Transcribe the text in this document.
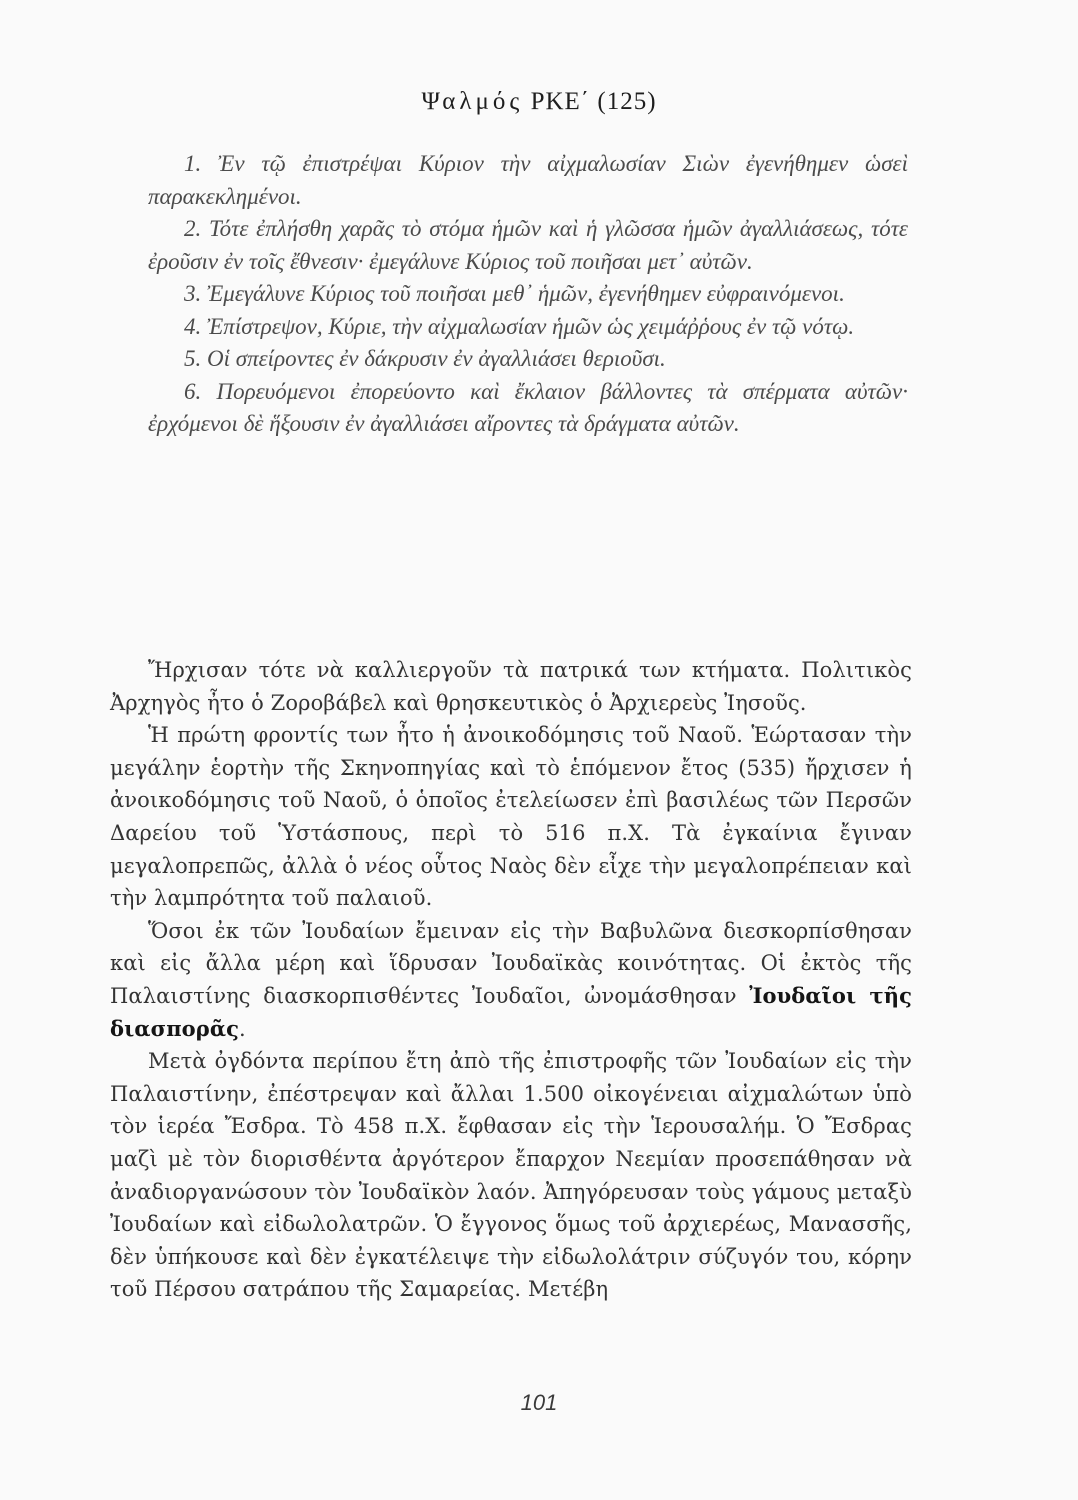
Ψαλμός ΡΚΕ΄ (125)

1. Ἐν τῷ ἐπιστρέψαι Κύριον τὴν αἰχμαλωσίαν Σιὼν ἐγενήθημεν ὡσεὶ παρακεκλημένοι.

2. Τότε ἐπλήσθη χαρᾶς τὸ στόμα ἡμῶν καὶ ἡ γλῶσσα ἡμῶν ἀγαλλιάσεως, τότε ἐροῦσιν ἐν τοῖς ἔθνεσιν· ἐμεγάλυνε Κύριος τοῦ ποιῆσαι μετ᾽ αὐτῶν.

3. Ἐμεγάλυνε Κύριος τοῦ ποιῆσαι μεθ᾽ ἡμῶν, ἐγενήθημεν εὐφραινόμενοι.

4. Ἐπίστρεψον, Κύριε, τὴν αἰχμαλωσίαν ἡμῶν ὡς χειμάῤῥους ἐν τῷ νότῳ.

5. Οἱ σπείροντες ἐν δάκρυσιν ἐν ἀγαλλιάσει θεριοῦσι.

6. Πορευόμενοι ἐπορεύοντο καὶ ἔκλαιον βάλλοντες τὰ σπέρματα αὐτῶν· ἐρχόμενοι δὲ ἥξουσιν ἐν ἀγαλλιάσει αἴροντες τὰ δράγματα αὐτῶν.

Ἤρχισαν τότε νὰ καλλιεργοῦν τὰ πατρικά των κτήματα. Πολιτικὸς Ἀρχηγὸς ἦτο ὁ Ζοροβάβελ καὶ θρησκευτικὸς ὁ Ἀρχιερεὺς Ἰησοῦς.

Ἡ πρώτη φροντίς των ἦτο ἡ ἀνοικοδόμησις τοῦ Ναοῦ. Ἑώρτασαν τὴν μεγάλην ἑορτὴν τῆς Σκηνοπηγίας καὶ τὸ ἑπόμενον ἔτος (535) ἤρχισεν ἡ ἀνοικοδόμησις τοῦ Ναοῦ, ὁ ὁποῖος ἐτελείωσεν ἐπὶ βασιλέως τῶν Περσῶν Δαρείου τοῦ Ὑστάσπους, περὶ τὸ 516 π.Χ. Τὰ ἐγκαίνια ἔγιναν μεγαλοπρεπῶς, ἀλλὰ ὁ νέος οὗτος Ναὸς δὲν εἶχε τὴν μεγαλοπρέπειαν καὶ τὴν λαμπρότητα τοῦ παλαιοῦ.

Ὅσοι ἐκ τῶν Ἰουδαίων ἔμειναν εἰς τὴν Βαβυλῶνα διεσκορπίσθησαν καὶ εἰς ἄλλα μέρη καὶ ἵδρυσαν Ἰουδαϊκὰς κοινότητας. Οἱ ἐκτὸς τῆς Παλαιστίνης διασκορπισθέντες Ἰουδαῖοι, ὠνομάσθησαν Ἰουδαῖοι τῆς διασπορᾶς.

Μετὰ ὀγδόντα περίπου ἔτη ἀπὸ τῆς ἐπιστροφῆς τῶν Ἰουδαίων εἰς τὴν Παλαιστίνην, ἐπέστρεψαν καὶ ἄλλαι 1.500 οἰκογένειαι αἰχμαλώτων ὑπὸ τὸν ἱερέα Ἔσδρα. Τὸ 458 π.Χ. ἔφθασαν εἰς τὴν Ἱερουσαλήμ. Ὁ Ἔσδρας μαζὶ μὲ τὸν διορισθέντα ἀργότερον ἔπαρχον Νεεμίαν προσεπάθησαν νὰ ἀναδιοργανώσουν τὸν Ἰουδαϊκὸν λαόν. Ἀπηγόρευσαν τοὺς γάμους μεταξὺ Ἰουδαίων καὶ εἰδωλολατρῶν. Ὁ ἔγγονος ὅμως τοῦ ἀρχιερέως, Μανασσῆς, δὲν ὑπήκουσε καὶ δὲν ἐγκατέλειψε τὴν εἰδωλολάτριν σύζυγόν του, κόρην τοῦ Πέρσου σατράπου τῆς Σαμαρείας. Μετέβη

101
